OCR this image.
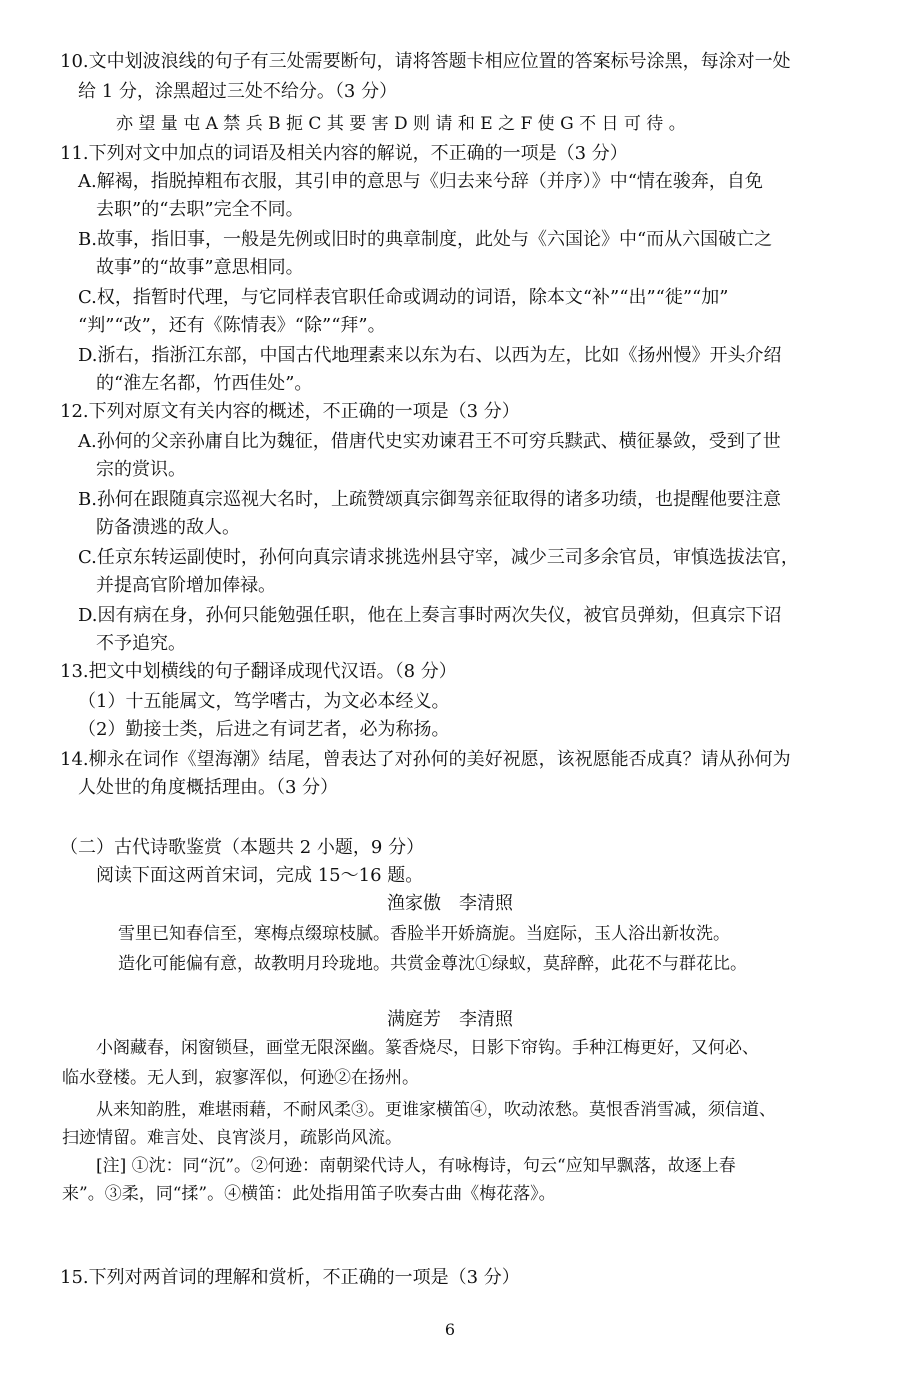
10.文中划波浪线的句子有三处需要断句，请将答题卡相应位置的答案标号涂黑，每涂对一处
给 1 分，涂黑超过三处不给分。（3 分）
亦 望 量 屯 A 禁 兵 B 扼 C 其 要 害 D 则 请 和 E 之 F 使 G 不 日 可 待 。
11.下列对文中加点的词语及相关内容的解说，不正确的一项是（3 分）
A.解褐，指脱掉粗布衣服，其引申的意思与《归去来兮辞（并序）》中“情在骏奔，自免
去职”的“去职”完全不同。
B.故事，指旧事，一般是先例或旧时的典章制度，此处与《六国论》中“而从六国破亡之
故事”的“故事”意思相同。
C.权，指暂时代理，与它同样表官职任命或调动的词语，除本文“补”“出”“徙”“加”
“判”“改”，还有《陈情表》“除”“拜”。
D.浙右，指浙江东部，中国古代地理素来以东为右、以西为左，比如《扬州慢》开头介绍
的“淮左名都，竹西佳处”。
12.下列对原文有关内容的概述，不正确的一项是（3 分）
A.孙何的父亲孙庸自比为魏征，借唐代史实劝谏君王不可穷兵黩武、横征暴敛，受到了世
宗的赏识。
B.孙何在跟随真宗巡视大名时，上疏赞颂真宗御驾亲征取得的诸多功绩，也提醒他要注意
防备溃逃的敌人。
C.任京东转运副使时，孙何向真宗请求挑选州县守宰，减少三司多余官员，审慎选拔法官，
并提高官阶增加俸禄。
D.因有病在身，孙何只能勉强任职，他在上奏言事时两次失仪，被官员弹劾，但真宗下诏
不予追究。
13.把文中划横线的句子翻译成现代汉语。（8 分）
（1）十五能属文，笃学嗜古，为文必本经义。
（2）勤接士类，后进之有词艺者，必为称扬。
14.柳永在词作《望海潮》结尾，曾表达了对孙何的美好祝愿，该祝愿能否成真？请从孙何为
人处世的角度概括理由。（3 分）
（二）古代诗歌鉴赏（本题共 2 小题，9 分）
阅读下面这两首宋词，完成 15～16 题。
渔家傲　李清照
雪里已知春信至，寒梅点缀琼枝腻。香脸半开娇旖旎。当庭际，玉人浴出新妆洗。
造化可能偏有意，故教明月玲珑地。共赏金尊沈①绿蚁，莫辞醉，此花不与群花比。
满庭芳　李清照
小阁藏春，闲窗锁昼，画堂无限深幽。篆香烧尽，日影下帘钩。手种江梅更好，又何必、
临水登楼。无人到，寂寥浑似，何逊②在扬州。
从来知韵胜，难堪雨藉，不耐风柔③。更谁家横笛④，吹动浓愁。莫恨香消雪减，须信道、
扫迹情留。难言处、良宵淡月，疏影尚风流。
[注] ①沈：同“沉”。②何逊：南朝梁代诗人，有咏梅诗，句云“应知早飘落，故逐上春
来”。③柔，同“揉”。④横笛：此处指用笛子吹奏古曲《梅花落》。
15.下列对两首词的理解和赏析，不正确的一项是（3 分）
6
